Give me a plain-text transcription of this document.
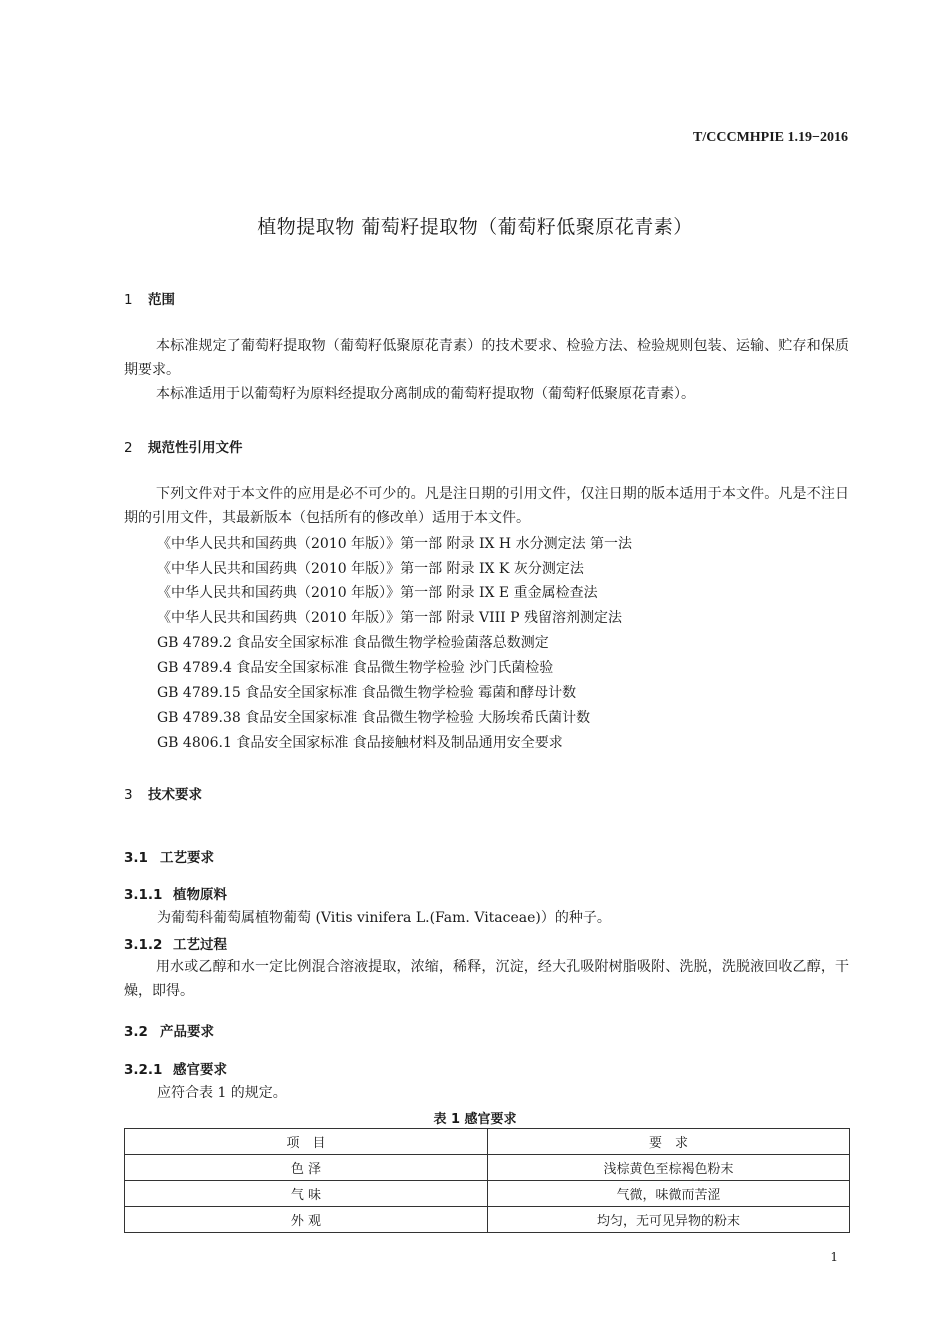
T/CCCMHPIE 1.19−2016
植物提取物 葡萄籽提取物（葡萄籽低聚原花青素）
1 范围
本标准规定了葡萄籽提取物（葡萄籽低聚原花青素）的技术要求、检验方法、检验规则包装、运输、贮存和保质期要求。
本标准适用于以葡萄籽为原料经提取分离制成的葡萄籽提取物（葡萄籽低聚原花青素）。
2 规范性引用文件
下列文件对于本文件的应用是必不可少的。凡是注日期的引用文件，仅注日期的版本适用于本文件。凡是不注日期的引用文件，其最新版本（包括所有的修改单）适用于本文件。
《中华人民共和国药典（2010 年版）》第一部 附录 IX H 水分测定法 第一法
《中华人民共和国药典（2010 年版）》第一部 附录 IX K 灰分测定法
《中华人民共和国药典（2010 年版）》第一部 附录 IX E 重金属检查法
《中华人民共和国药典（2010 年版）》第一部 附录 VIII P 残留溶剂测定法
GB 4789.2 食品安全国家标准 食品微生物学检验菌落总数测定
GB 4789.4 食品安全国家标准 食品微生物学检验 沙门氏菌检验
GB 4789.15 食品安全国家标准 食品微生物学检验 霉菌和酵母计数
GB 4789.38 食品安全国家标准 食品微生物学检验 大肠埃希氏菌计数
GB 4806.1 食品安全国家标准 食品接触材料及制品通用安全要求
3 技术要求
3.1 工艺要求
3.1.1 植物原料
为葡萄科葡萄属植物葡萄 (Vitis vinifera L.(Fam. Vitaceae)）的种子。
3.1.2 工艺过程
用水或乙醇和水一定比例混合溶液提取，浓缩，稀释，沉淀，经大孔吸附树脂吸附、洗脱，洗脱液回收乙醇，干燥，即得。
3.2 产品要求
3.2.1 感官要求
应符合表 1 的规定。
表 1 感官要求
项　目	要　求
色 泽	浅棕黄色至棕褐色粉末
气 味	气微，味微而苦涩
外 观	均匀，无可见异物的粉末
1
